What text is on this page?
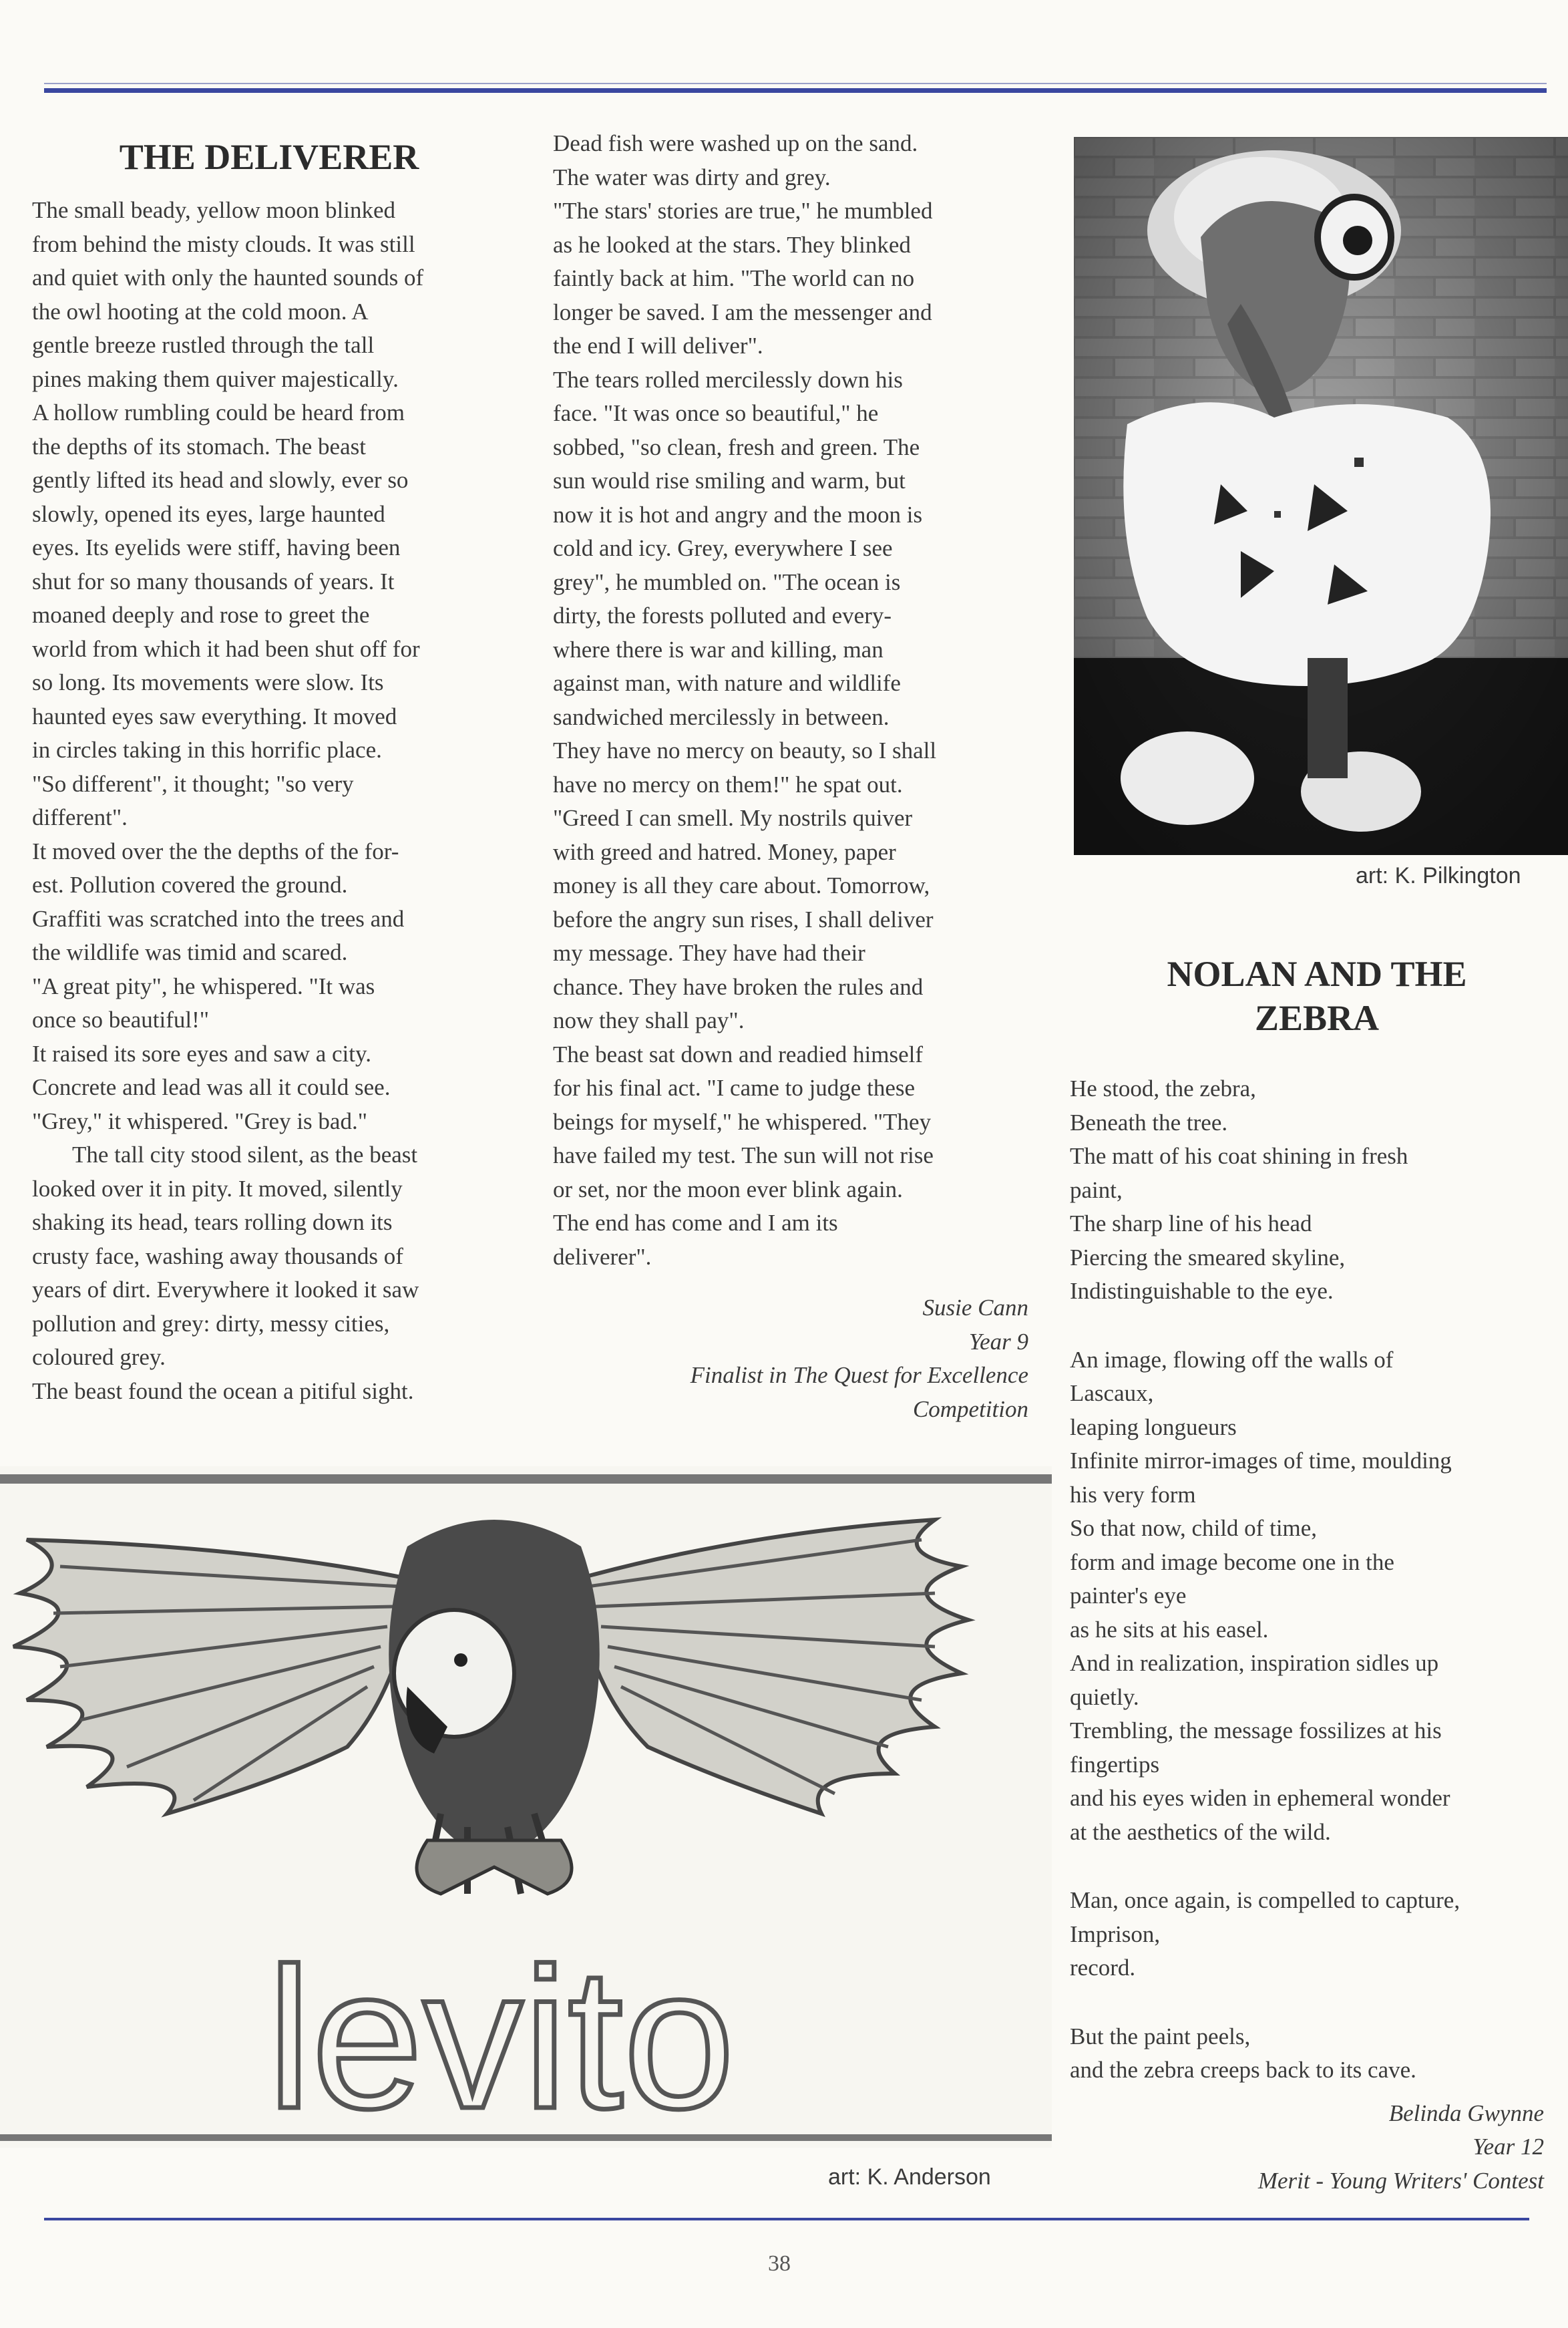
THE DELIVERER

The small beady, yellow moon blinked

from behind the misty clouds. It was still

and quiet with only the haunted sounds of

the owl hooting at the cold moon. A

gentle breeze rustled through the tall

pines making them quiver majestically.

A hollow rumbling could be heard from

the depths of its stomach. The beast

gently lifted its head and slowly, ever so

slowly, opened its eyes, large haunted

eyes. Its eyelids were stiff, having been

shut for so many thousands of years. It

moaned deeply and rose to greet the

world from which it had been shut off for

so long. Its movements were slow. Its

haunted eyes saw everything. It moved

in circles taking in this horrific place.

"So different", it thought; "so very

different".

It moved over the the depths of the for-

est. Pollution covered the ground.

Graffiti was scratched into the trees and

the wildlife was timid and scared.

"A great pity", he whispered. "It was

once so beautiful!"

It raised its sore eyes and saw a city.

Concrete and lead was all it could see.

"Grey," it whispered. "Grey is bad."

The tall city stood silent, as the beast

looked over it in pity. It moved, silently

shaking its head, tears rolling down its

crusty face, washing away thousands of

years of dirt. Everywhere it looked it saw

pollution and grey: dirty, messy cities,

coloured grey.

The beast found the ocean a pitiful sight.

Dead fish were washed up on the sand.

The water was dirty and grey.

"The stars' stories are true," he mumbled

as he looked at the stars. They blinked

faintly back at him. "The world can no

longer be saved. I am the messenger and

the end I will deliver".

The tears rolled mercilessly down his

face. "It was once so beautiful," he

sobbed, "so clean, fresh and green. The

sun would rise smiling and warm, but

now it is hot and angry and the moon is

cold and icy. Grey, everywhere I see

grey", he mumbled on. "The ocean is

dirty, the forests polluted and every-

where there is war and killing, man

against man, with nature and wildlife

sandwiched mercilessly in between.

They have no mercy on beauty, so I shall

have no mercy on them!" he spat out.

"Greed I can smell. My nostrils quiver

with greed and hatred. Money, paper

money is all they care about. Tomorrow,

before the angry sun rises, I shall deliver

my message. They have had their

chance. They have broken the rules and

now they shall pay".

The beast sat down and readied himself

for his final act. "I came to judge these

beings for myself," he whispered. "They

have failed my test. The sun will not rise

or set, nor the moon ever blink again.

The end has come and I am its

deliverer".

Susie Cann

Year 9

Finalist in The Quest for Excellence

Competition

art: K. Pilkington
NOLAN AND THE
ZEBRA

He stood, the zebra,

Beneath the tree.

The matt of his coat shining in fresh

paint,

The sharp line of his head

Piercing the smeared skyline,

Indistinguishable to the eye.

An image, flowing off the walls of

Lascaux,

leaping longueurs

Infinite mirror-images of time, moulding

his very form

So that now, child of time,

form and image become one in the

painter's eye

as he sits at his easel.

And in realization, inspiration sidles up

quietly.

Trembling, the message fossilizes at his

fingertips

and his eyes widen in ephemeral wonder

at the aesthetics of the wild.

Man, once again, is compelled to capture,

Imprison,

record.

But the paint peels,

and the zebra creeps back to its cave.

Belinda Gwynne

Year 12

Merit - Young Writers' Contest

levito
art: K. Anderson
38
